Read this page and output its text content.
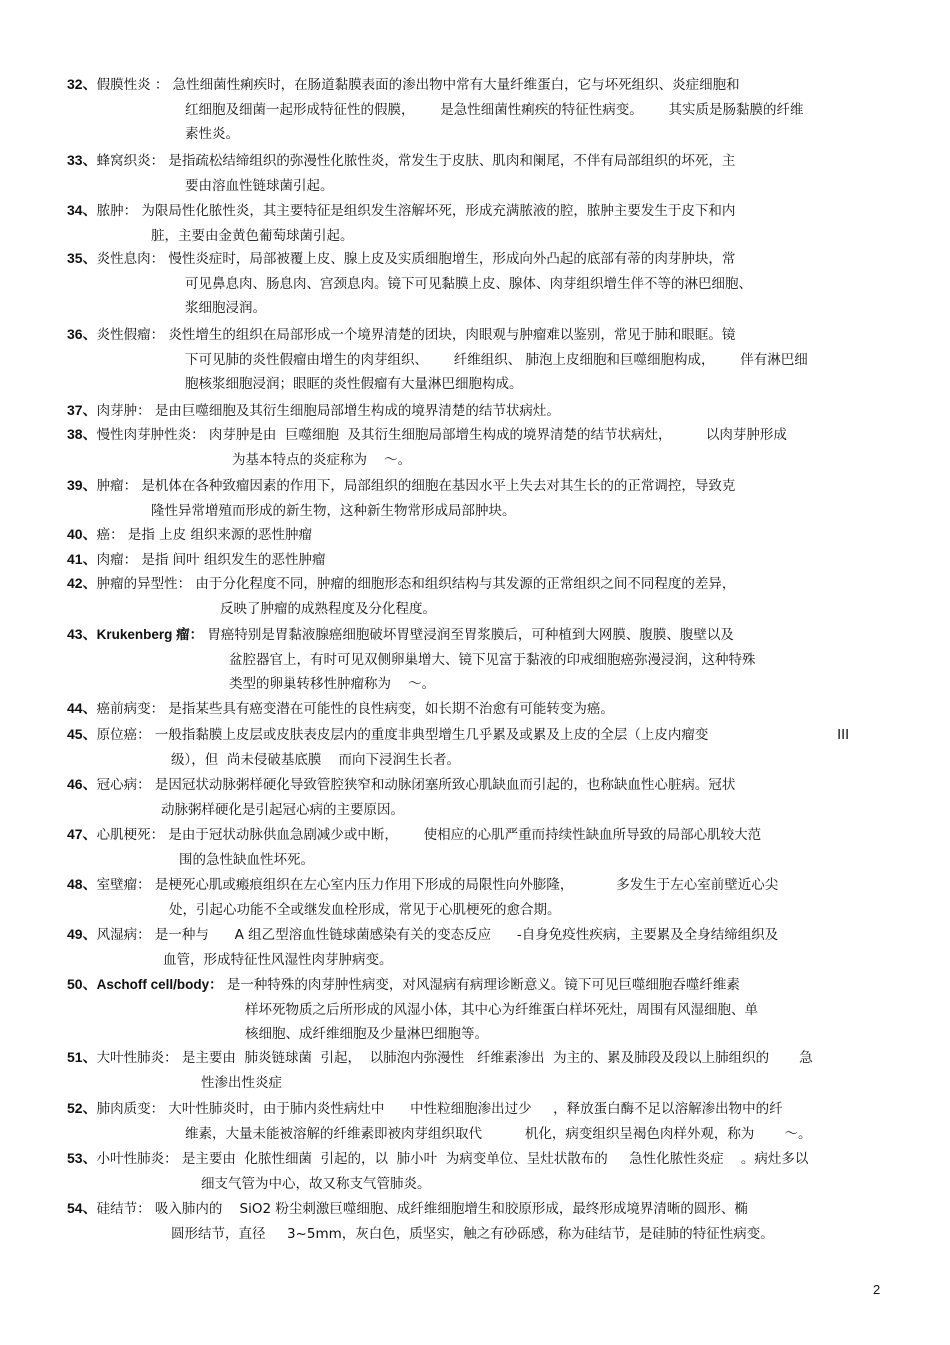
32、假膜性炎 ： 急性细菌性痢疾时，在肠道黏膜表面的渗出物中常有大量纤维蛋白，它与坏死组织、炎症细胞和

红细胞及细菌一起形成特征性的假膜，      是急性细菌性痢疾的特征性病变。      其实质是肠黏膜的纤维

素性炎。

33、蜂窝织炎： 是指疏松结缔组织的弥漫性化脓性炎，常发生于皮肤、肌肉和阑尾，不伴有局部组织的坏死，主

要由溶血性链球菌引起。

34、脓肿： 为限局性化脓性炎，其主要特征是组织发生溶解坏死，形成充满脓液的腔，脓肿主要发生于皮下和内

脏，主要由金黄色葡萄球菌引起。

35、炎性息肉： 慢性炎症时，局部被覆上皮、腺上皮及实质细胞增生，形成向外凸起的底部有蒂的肉芽肿块，常

可见鼻息肉、肠息肉、宫颈息肉。镜下可见黏膜上皮、腺体、肉芽组织增生伴不等的淋巴细胞、

浆细胞浸润。

36、炎性假瘤： 炎性增生的组织在局部形成一个境界清楚的团块，肉眼观与肿瘤难以鉴别，常见于肺和眼眶。镜

下可见肺的炎性假瘤由增生的肉芽组织、      纤维组织、 肺泡上皮细胞和巨噬细胞构成，      伴有淋巴细

胞核浆细胞浸润；眼眶的炎性假瘤有大量淋巴细胞构成。

37、肉芽肿： 是由巨噬细胞及其衍生细胞局部增生构成的境界清楚的结节状病灶。

38、慢性肉芽肿性炎： 肉芽肿是由  巨噬细胞  及其衍生细胞局部增生构成的境界清楚的结节状病灶，        以肉芽肿形成

为基本特点的炎症称为    ～。

39、肿瘤： 是机体在各种致瘤因素的作用下，局部组织的细胞在基因水平上失去对其生长的的正常调控，导致克

隆性异常增殖而形成的新生物，这种新生物常形成局部肿块。

40、癌： 是指 上皮 组织来源的恶性肿瘤

41、肉瘤： 是指 间叶 组织发生的恶性肿瘤

42、肿瘤的异型性： 由于分化程度不同，肿瘤的细胞形态和组织结构与其发源的正常组织之间不同程度的差异，

反映了肿瘤的成熟程度及分化程度。

43、Krukenberg 瘤： 胃癌特别是胃黏液腺癌细胞破坏胃壁浸润至胃浆膜后，可种植到大网膜、腹膜、腹壁以及

盆腔器官上，有时可见双侧卵巢增大、镜下见富于黏液的印戒细胞癌弥漫浸润，这种特殊

类型的卵巢转移性肿瘤称为    ～。

44、癌前病变： 是指某些具有癌变潜在可能性的良性病变，如长期不治愈有可能转变为癌。

45、原位癌： 一般指黏膜上皮层或皮肤表皮层内的重度非典型增生几乎累及或累及上皮的全层（上皮内瘤变                              III

级），但  尚未侵破基底膜    而向下浸润生长者。

46、冠心病： 是因冠状动脉粥样硬化导致管腔狭窄和动脉闭塞所致心肌缺血而引起的，也称缺血性心脏病。冠状

动脉粥样硬化是引起冠心病的主要原因。

47、心肌梗死： 是由于冠状动脉供血急剧减少或中断，      使相应的心肌严重而持续性缺血所导致的局部心肌较大范

围的急性缺血性坏死。

48、室壁瘤： 是梗死心肌或瘢痕组织在左心室内压力作用下形成的局限性向外膨隆，          多发生于左心室前壁近心尖

处，引起心功能不全或继发血栓形成，常见于心肌梗死的愈合期。

49、风湿病： 是一种与      A 组乙型溶血性链球菌感染有关的变态反应      -自身免疫性疾病，主要累及全身结缔组织及

血管，形成特征性风湿性肉芽肿病变。

50、Aschoff cell/body： 是一种特殊的肉芽肿性病变，对风湿病有病理诊断意义。镜下可见巨噬细胞吞噬纤维素

样坏死物质之后所形成的风湿小体，其中心为纤维蛋白样坏死灶，周围有风湿细胞、单

核细胞、成纤维细胞及少量淋巴细胞等。

51、大叶性肺炎： 是主要由  肺炎链球菌  引起，  以肺泡内弥漫性   纤维素渗出  为主的、累及肺段及段以上肺组织的       急

性渗出性炎症

52、肺肉质变： 大叶性肺炎时，由于肺内炎性病灶中      中性粒细胞渗出过少     ，释放蛋白酶不足以溶解渗出物中的纤

维素，大量未能被溶解的纤维素即被肉芽组织取代          机化，病变组织呈褐色肉样外观，称为       ～。

53、小叶性肺炎： 是主要由  化脓性细菌  引起的，以  肺小叶  为病变单位、呈灶状散布的     急性化脓性炎症    。病灶多以

细支气管为中心，故又称支气管肺炎。

54、硅结节： 吸入肺内的    SiO2 粉尘刺激巨噬细胞、成纤维细胞增生和胶原形成，最终形成境界清晰的圆形、椭

圆形结节，直径     3~5mm，灰白色，质坚实，触之有砂砾感，称为硅结节，是硅肺的特征性病变。

2
